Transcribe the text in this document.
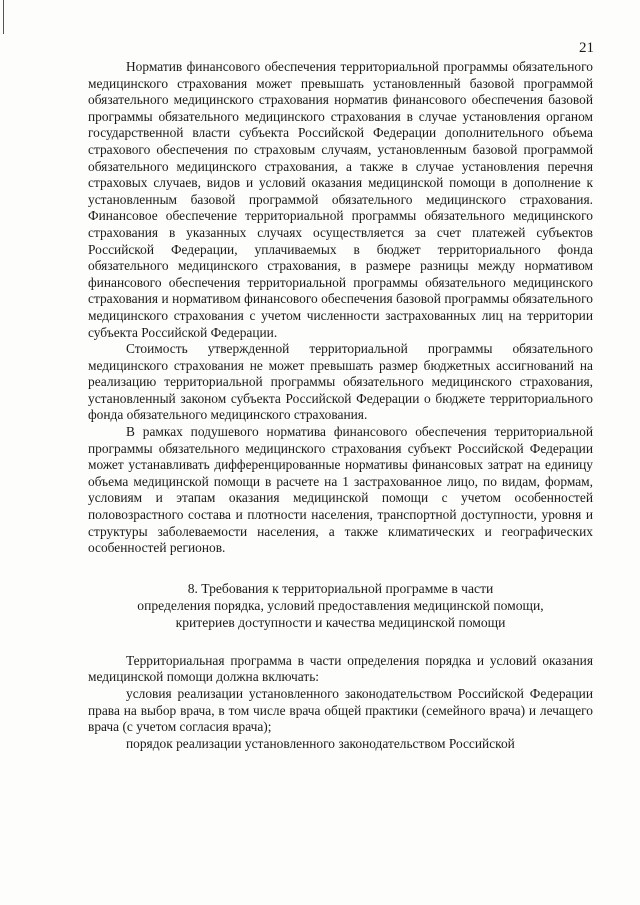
21

Норматив финансового обеспечения территориальной программы обязательного медицинского страхования может превышать установленный базовой программой обязательного медицинского страхования норматив финансового обеспечения базовой программы обязательного медицинского страхования в случае установления органом государственной власти субъекта Российской Федерации дополнительного объема страхового обеспечения по страховым случаям, установленным базовой программой обязательного медицинского страхования, а также в случае установления перечня страховых случаев, видов и условий оказания медицинской помощи в дополнение к установленным базовой программой обязательного медицинского страхования. Финансовое обеспечение территориальной программы обязательного медицинского страхования в указанных случаях осуществляется за счет платежей субъектов Российской Федерации, уплачиваемых в бюджет территориального фонда обязательного медицинского страхования, в размере разницы между нормативом финансового обеспечения территориальной программы обязательного медицинского страхования и нормативом финансового обеспечения базовой программы обязательного медицинского страхования с учетом численности застрахованных лиц на территории субъекта Российской Федерации.

Стоимость утвержденной территориальной программы обязательного медицинского страхования не может превышать размер бюджетных ассигнований на реализацию территориальной программы обязательного медицинского страхования, установленный законом субъекта Российской Федерации о бюджете территориального фонда обязательного медицинского страхования.

В рамках подушевого норматива финансового обеспечения территориальной программы обязательного медицинского страхования субъект Российской Федерации может устанавливать дифференцированные нормативы финансовых затрат на единицу объема медицинской помощи в расчете на 1 застрахованное лицо, по видам, формам, условиям и этапам оказания медицинской помощи с учетом особенностей половозрастного состава и плотности населения, транспортной доступности, уровня и структуры заболеваемости населения, а также климатических и географических особенностей регионов.

8. Требования к территориальной программе в части
определения порядка, условий предоставления медицинской помощи,
критериев доступности и качества медицинской помощи

Территориальная программа в части определения порядка и условий оказания медицинской помощи должна включать:

условия реализации установленного законодательством Российской Федерации права на выбор врача, в том числе врача общей практики (семейного врача) и лечащего врача (с учетом согласия врача);

порядок реализации установленного законодательством Российской
